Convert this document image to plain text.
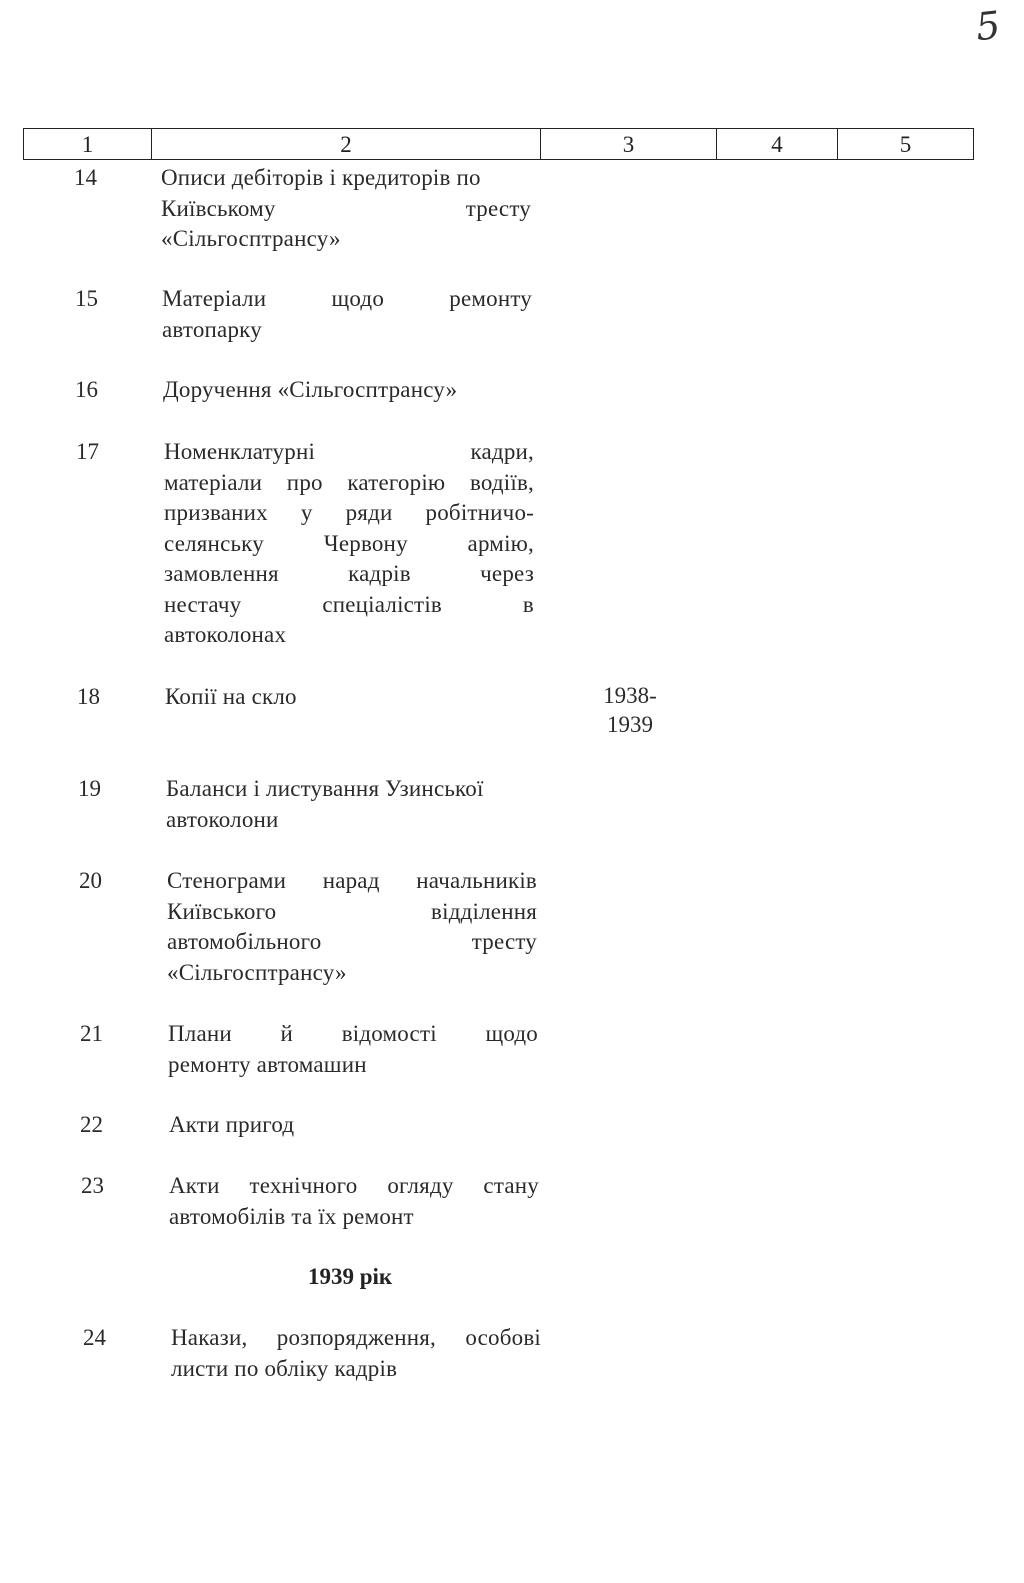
5
1	2	3	4	5
14	Описи дебіторів і кредиторів по
Київському тресту
«Сільгосптрансу»
15	Матеріали щодо ремонту
автопарку
16	Доручення «Сільгосптрансу»
17	Номенклатурні кадри,
матеріали про категорію водіїв,
призваних у ряди робітничо-
селянську Червону армію,
замовлення кадрів через
нестачу спеціалістів в
автоколонах
18	Копії на скло	1938-
1939
19	Баланси і листування Узинської
автоколони
20	Стенограми нарад начальників
Київського відділення
автомобільного тресту
«Сільгосптрансу»
21	Плани й відомості щодо
ремонту автомашин
22	Акти пригод
23	Акти технічного огляду стану
автомобілів та їх ремонт
1939 рік
24	Накази, розпорядження, особові
листи по обліку кадрів
